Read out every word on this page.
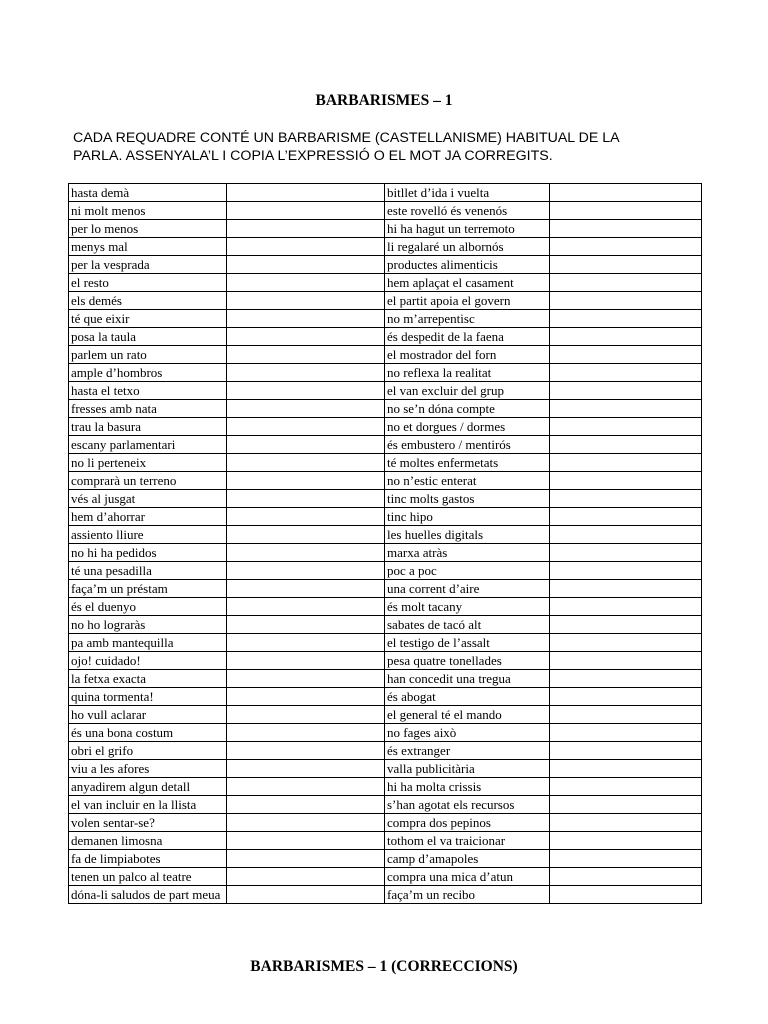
BARBARISMES – 1
CADA REQUADRE CONTÉ UN BARBARISME (CASTELLANISME) HABITUAL DE LA
PARLA. ASSENYALA’L I COPIA L’EXPRESSIÓ O EL MOT JA CORREGITS.
hasta demà		bitllet d’ida i vuelta	
ni molt menos		este rovelló és venenós	
per lo menos		hi ha hagut un terremoto	
menys mal		li regalaré un albornós	
per la vesprada		productes alimenticis	
el resto		hem aplaçat el casament	
els demés		el partit apoia el govern	
té que eixir		no m’arrepentisc	
posa la taula		és despedit de la faena	
parlem un rato		el mostrador del forn	
ample d’hombros		no reflexa la realitat	
hasta el tetxo		el van excluir del grup	
fresses amb nata		no se’n dóna compte	
trau la basura		no et dorgues / dormes	
escany parlamentari		és embustero / mentirós	
no li perteneix		té moltes enfermetats	
comprarà un terreno		no n’estic enterat	
vés al jusgat		tinc molts gastos	
hem d’ahorrar		tinc hipo	
assiento lliure		les huelles digitals	
no hi ha pedidos		marxa atràs	
té una pesadilla		poc a poc	
faça’m un préstam		una corrent d’aire	
és el duenyo		és molt tacany	
no ho lograràs		sabates de tacó alt	
pa amb mantequilla		el testigo de l’assalt	
ojo! cuidado!		pesa quatre tonellades	
la fetxa exacta		han concedit una tregua	
quina tormenta!		és abogat	
ho vull aclarar		el general té el mando	
és una bona costum		no fages això	
obri el grifo		és extranger	
viu a les afores		valla publicitària	
anyadirem algun detall		hi ha molta crissis	
el van incluir en la llista		s’han agotat els recursos	
volen sentar-se?		compra dos pepinos	
demanen limosna		tothom el va traicionar	
fa de limpiabotes		camp d’amapoles	
tenen un palco al teatre		compra una mica d’atun	
dóna-li saludos de part meua		faça’m un recibo	
BARBARISMES – 1 (CORRECCIONS)
